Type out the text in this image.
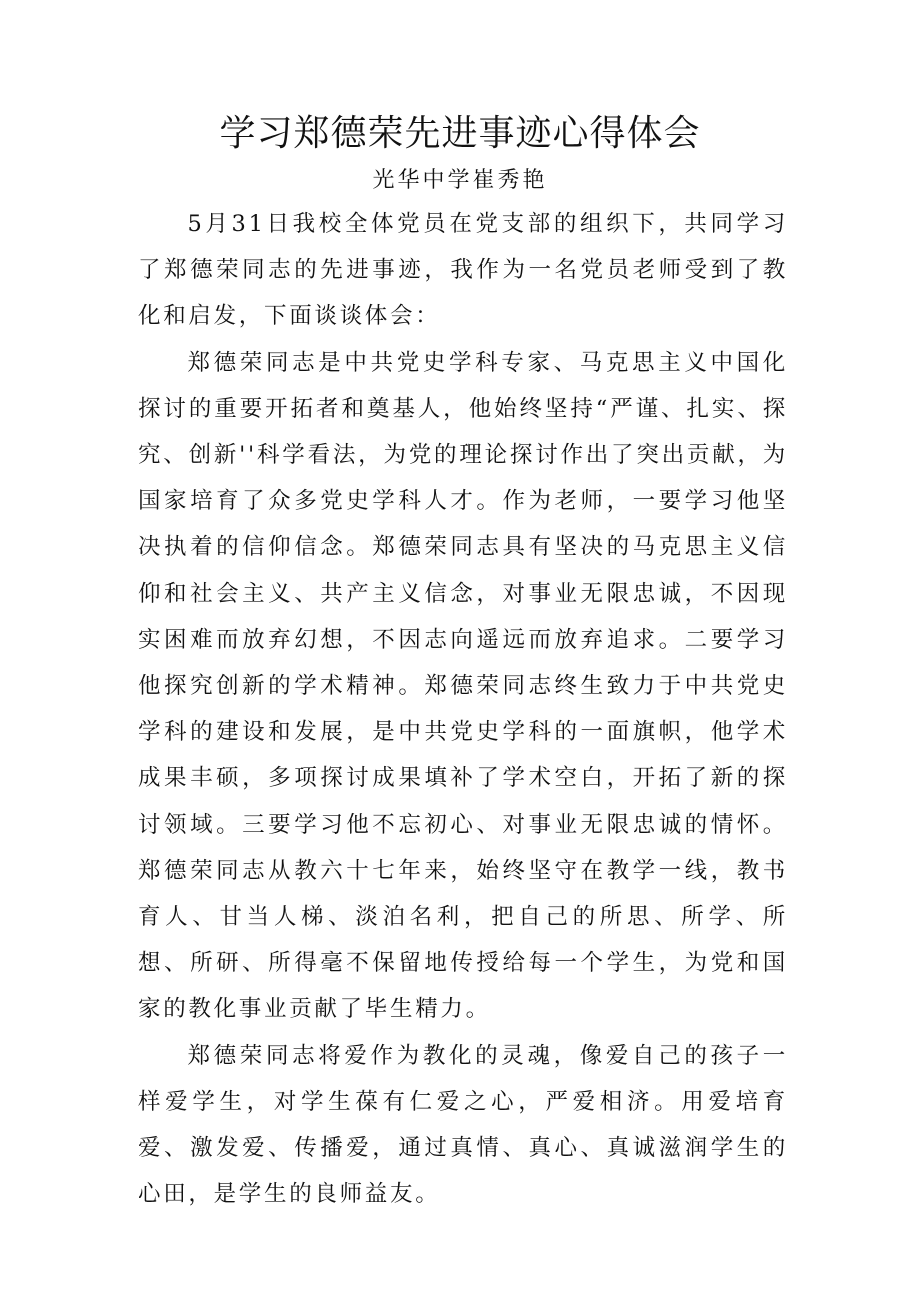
学习郑德荣先进事迹心得体会

光华中学崔秀艳

5月31日我校全体党员在党支部的组织下，共同学习了郑德荣同志的先进事迹，我作为一名党员老师受到了教化和启发，下面谈谈体会：

郑德荣同志是中共党史学科专家、马克思主义中国化探讨的重要开拓者和奠基人，他始终坚持“严谨、扎实、探究、创新''科学看法，为党的理论探讨作出了突出贡献，为国家培育了众多党史学科人才。作为老师，一要学习他坚决执着的信仰信念。郑德荣同志具有坚决的马克思主义信仰和社会主义、共产主义信念，对事业无限忠诚，不因现实困难而放弃幻想，不因志向遥远而放弃追求。二要学习他探究创新的学术精神。郑德荣同志终生致力于中共党史学科的建设和发展，是中共党史学科的一面旗帜，他学术成果丰硕，多项探讨成果填补了学术空白，开拓了新的探讨领域。三要学习他不忘初心、对事业无限忠诚的情怀。郑德荣同志从教六十七年来，始终坚守在教学一线，教书育人、甘当人梯、淡泊名利，把自己的所思、所学、所想、所研、所得毫不保留地传授给每一个学生，为党和国家的教化事业贡献了毕生精力。

郑德荣同志将爱作为教化的灵魂，像爱自己的孩子一样爱学生，对学生葆有仁爱之心，严爱相济。用爱培育爱、激发爱、传播爱，通过真情、真心、真诚滋润学生的心田，是学生的良师益友。
